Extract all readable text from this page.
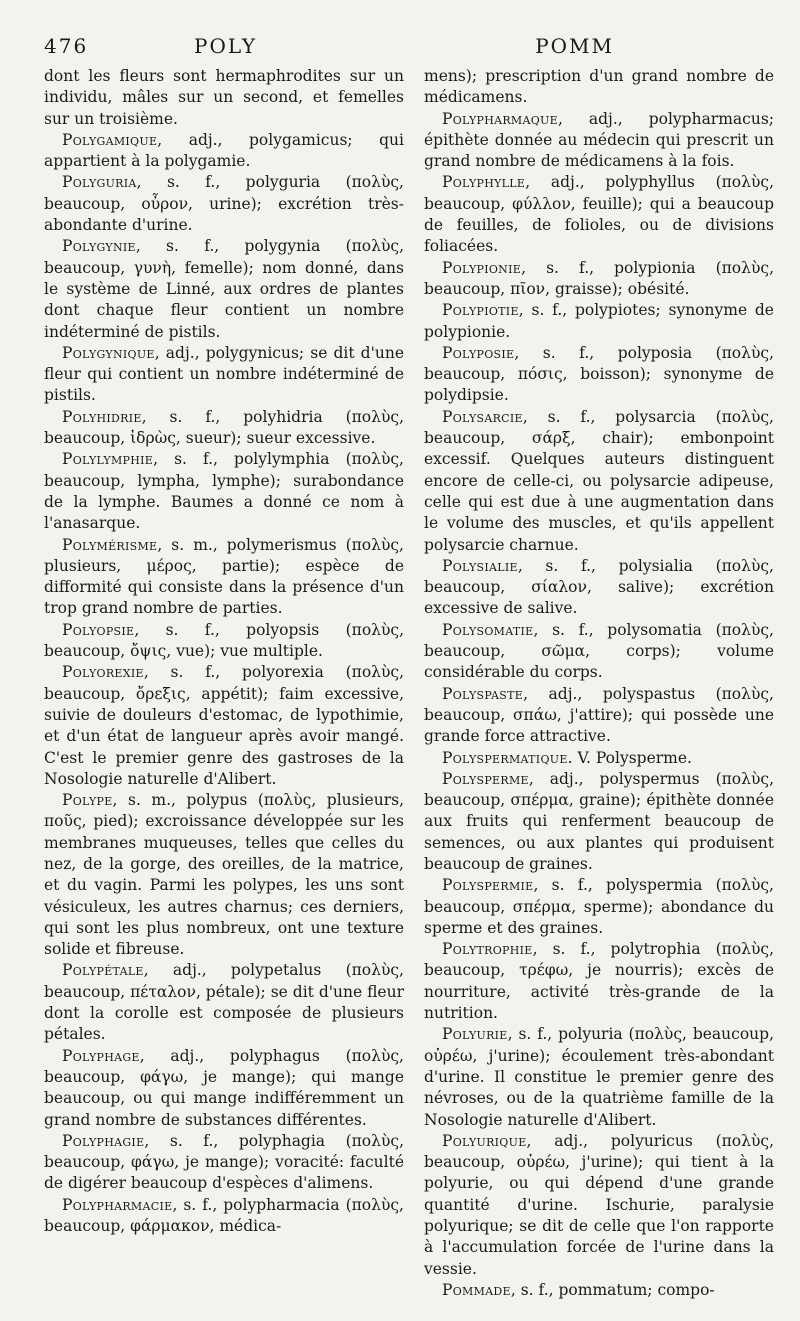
476	POLY	POMM

dont les fleurs sont hermaphrodites sur un individu, mâles sur un second, et femelles sur un troisième.

Polygamique, adj., polygamicus; qui appartient à la polygamie.

Polyguria, s. f., polyguria (πολὺς, beaucoup, οὖρον, urine); excrétion très-abondante d'urine.

Polygynie, s. f., polygynia (πολὺς, beaucoup, γυνὴ, femelle); nom donné, dans le système de Linné, aux ordres de plantes dont chaque fleur contient un nombre indéterminé de pistils.

Polygynique, adj., polygynicus; se dit d'une fleur qui contient un nombre indéterminé de pistils.

Polyhidrie, s. f., polyhidria (πολὺς, beaucoup, ἱδρὼς, sueur); sueur excessive.

Polylymphie, s. f., polylymphia (πολὺς, beaucoup, lympha, lymphe); surabondance de la lymphe. Baumes a donné ce nom à l'anasarque.

Polymérisme, s. m., polymerismus (πολὺς, plusieurs, μέρος, partie); espèce de difformité qui consiste dans la présence d'un trop grand nombre de parties.

Polyopsie, s. f., polyopsis (πολὺς, beaucoup, ὄψις, vue); vue multiple.

Polyorexie, s. f., polyorexia (πολὺς, beaucoup, ὄρεξις, appétit); faim excessive, suivie de douleurs d'estomac, de lypothimie, et d'un état de langueur après avoir mangé. C'est le premier genre des gastroses de la Nosologie naturelle d'Alibert.

Polype, s. m., polypus (πολὺς, plusieurs, ποῦς, pied); excroissance développée sur les membranes muqueuses, telles que celles du nez, de la gorge, des oreilles, de la matrice, et du vagin. Parmi les polypes, les uns sont vésiculeux, les autres charnus; ces derniers, qui sont les plus nombreux, ont une texture solide et fibreuse.

Polypétale, adj., polypetalus (πολὺς, beaucoup, πέταλον, pétale); se dit d'une fleur dont la corolle est composée de plusieurs pétales.

Polyphage, adj., polyphagus (πολὺς, beaucoup, φάγω, je mange); qui mange beaucoup, ou qui mange indifféremment un grand nombre de substances différentes.

Polyphagie, s. f., polyphagia (πολὺς, beaucoup, φάγω, je mange); voracité: faculté de digérer beaucoup d'espèces d'alimens.

Polypharmacie, s. f., polypharmacia (πολὺς, beaucoup, φάρμακον, médica-

mens); prescription d'un grand nombre de médicamens.

Polypharmaque, adj., polypharmacus; épithète donnée au médecin qui prescrit un grand nombre de médicamens à la fois.

Polyphylle, adj., polyphyllus (πολὺς, beaucoup, φύλλον, feuille); qui a beaucoup de feuilles, de folioles, ou de divisions foliacées.

Polypionie, s. f., polypionia (πολὺς, beaucoup, πῖον, graisse); obésité.

Polypiotie, s. f., polypiotes; synonyme de polypionie.

Polyposie, s. f., polyposia (πολὺς, beaucoup, πόσις, boisson); synonyme de polydipsie.

Polysarcie, s. f., polysarcia (πολὺς, beaucoup, σάρξ, chair); embonpoint excessif. Quelques auteurs distinguent encore de celle-ci, ou polysarcie adipeuse, celle qui est due à une augmentation dans le volume des muscles, et qu'ils appellent polysarcie charnue.

Polysialie, s. f., polysialia (πολὺς, beaucoup, σίαλον, salive); excrétion excessive de salive.

Polysomatie, s. f., polysomatia (πολὺς, beaucoup, σῶμα, corps); volume considérable du corps.

Polyspaste, adj., polyspastus (πολὺς, beaucoup, σπάω, j'attire); qui possède une grande force attractive.

Polyspermatique. V. Polysperme.

Polysperme, adj., polyspermus (πολὺς, beaucoup, σπέρμα, graine); épithète donnée aux fruits qui renferment beaucoup de semences, ou aux plantes qui produisent beaucoup de graines.

Polyspermie, s. f., polyspermia (πολὺς, beaucoup, σπέρμα, sperme); abondance du sperme et des graines.

Polytrophie, s. f., polytrophia (πολὺς, beaucoup, τρέφω, je nourris); excès de nourriture, activité très-grande de la nutrition.

Polyurie, s. f., polyuria (πολὺς, beaucoup, οὐρέω, j'urine); écoulement très-abondant d'urine. Il constitue le premier genre des névroses, ou de la quatrième famille de la Nosologie naturelle d'Alibert.

Polyurique, adj., polyuricus (πολὺς, beaucoup, οὐρέω, j'urine); qui tient à la polyurie, ou qui dépend d'une grande quantité d'urine. Ischurie, paralysie polyurique; se dit de celle que l'on rapporte à l'accumulation forcée de l'urine dans la vessie.

Pommade, s. f., pommatum; compo-
